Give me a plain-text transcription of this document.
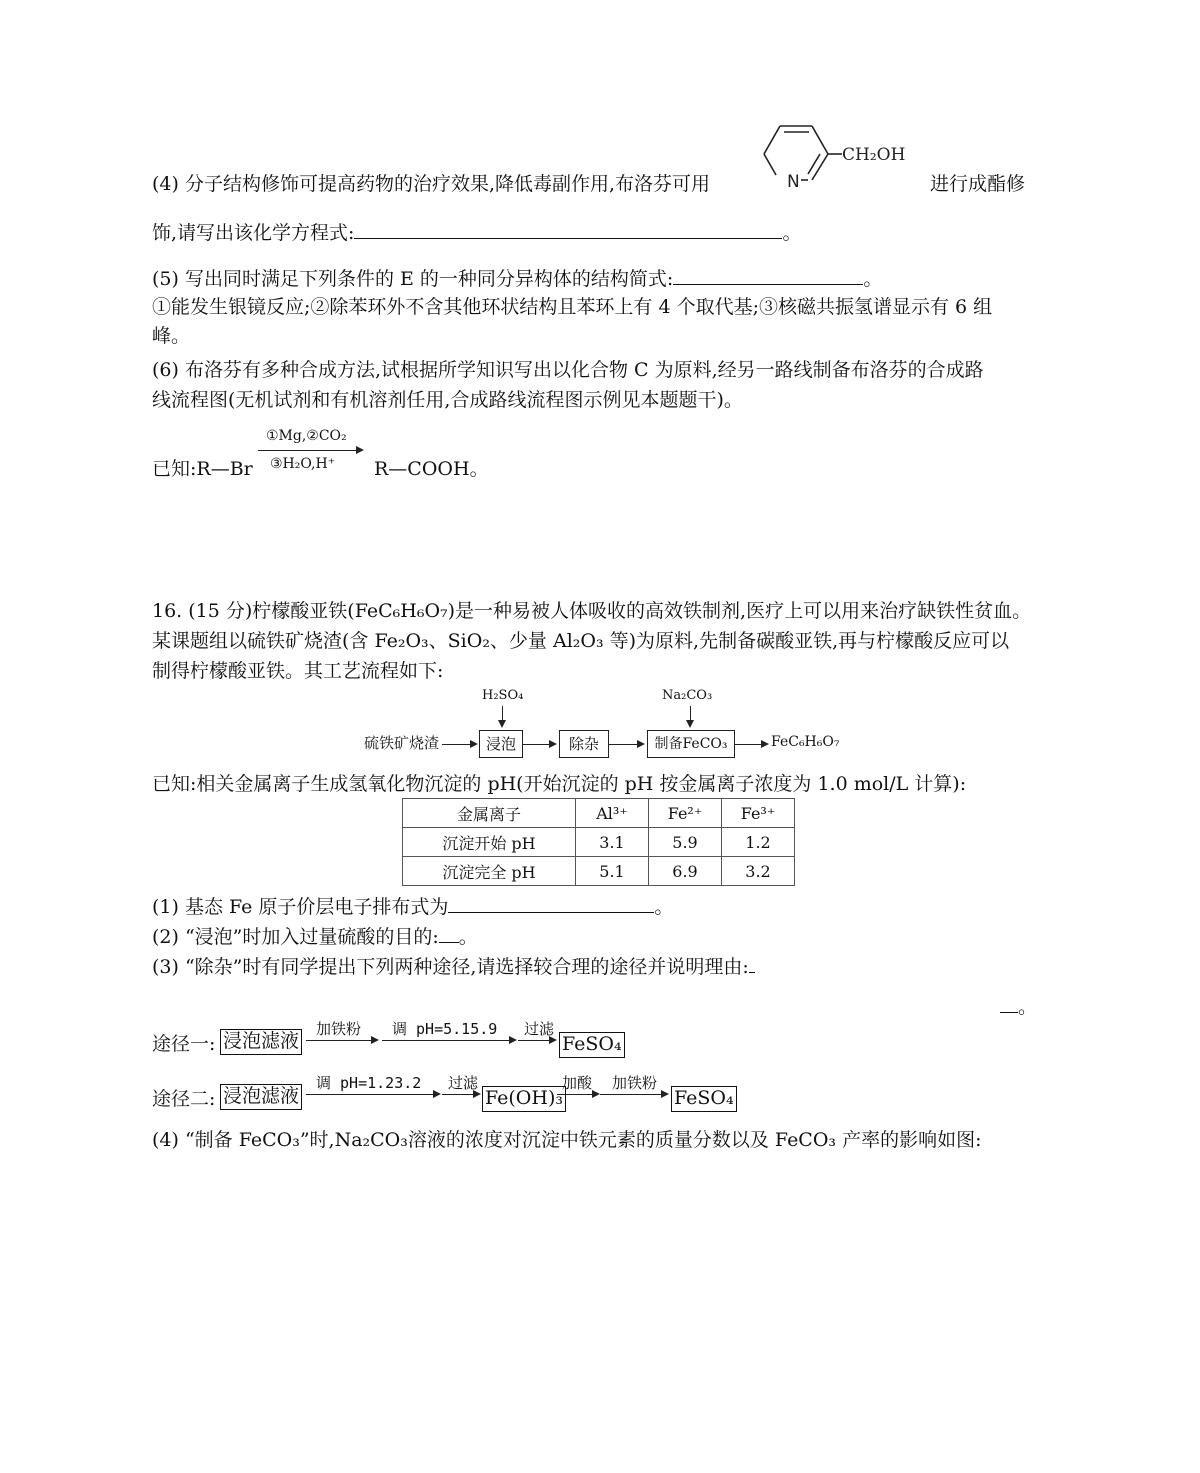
N
CH₂OH
(4) 分子结构修饰可提高药物的治疗效果,降低毒副作用,布洛芬可用	进行成酯修
饰,请写出该化学方程式:	。
(5) 写出同时满足下列条件的 E 的一种同分异构体的结构简式:	。
①能发生银镜反应;②除苯环外不含其他环状结构且苯环上有 4 个取代基;③核磁共振氢谱显示有 6 组
峰。
(6) 布洛芬有多种合成方法,试根据所学知识写出以化合物 C 为原料,经另一路线制备布洛芬的合成路
线流程图(无机试剂和有机溶剂任用,合成路线流程图示例见本题题干)。
已知:R—Br
①Mg,②CO₂
③H₂O,H⁺ R—COOH。
16. (15 分)柠檬酸亚铁(FeC₆H₆O₇)是一种易被人体吸收的高效铁制剂,医疗上可以用来治疗缺铁性贫血。
某课题组以硫铁矿烧渣(含 Fe₂O₃、SiO₂、少量 Al₂O₃ 等)为原料,先制备碳酸亚铁,再与柠檬酸反应可以
制得柠檬酸亚铁。其工艺流程如下:
H₂SO₄	Na₂CO₃
硫铁矿烧渣	浸泡	除杂	制备FeCO₃	FeC₆H₆O₇
已知:相关金属离子生成氢氧化物沉淀的 pH(开始沉淀的 pH 按金属离子浓度为 1.0 mol/L 计算):
金属离子	Al³⁺	Fe²⁺	Fe³⁺
沉淀开始 pH	3.1	5.9	1.2
沉淀完全 pH	5.1	6.9	3.2
(1) 基态 Fe 原子价层电子排布式为	。
(2) “浸泡”时加入过量硫酸的目的: 。
(3) “除杂”时有同学提出下列两种途径,请选择较合理的途径并说明理由:
。
途径一: 浸泡滤液
加铁粉 调 pH=5.15.9 过滤
FeSO₄
途径二: 浸泡滤液
调 pH=1.23.2 过滤
Fe(OH)₃
加酸 加铁粉
FeSO₄
(4) “制备 FeCO₃”时,Na₂CO₃溶液的浓度对沉淀中铁元素的质量分数以及 FeCO₃ 产率的影响如图:
